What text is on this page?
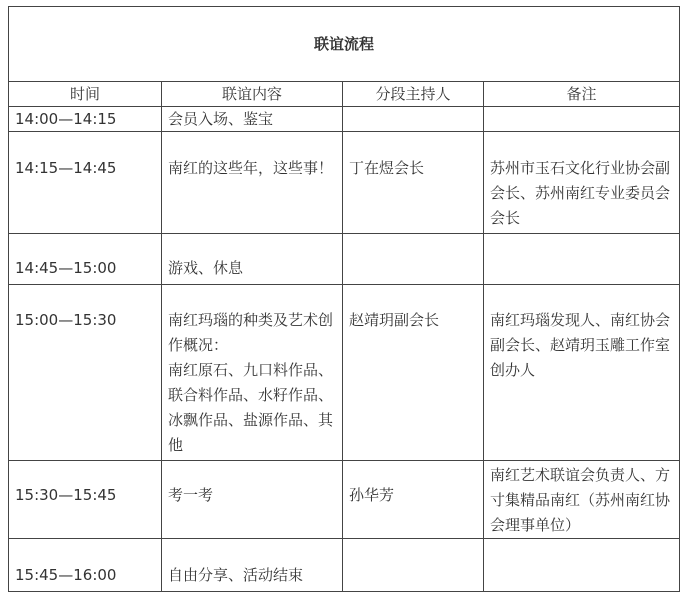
联谊流程			
时间	联谊内容	分段主持人	备注
14:00—14:15	会员入场、鉴宝		
14:15—14:45	南红的这些年，这些事！	丁在煜会长	苏州市玉石文化行业协会副会长、苏州南红专业委员会会长
14:45—15:00	游戏、休息		
15:00—15:30	南红玛瑙的种类及艺术创作概况：
南红原石、九口料作品、联合料作品、水籽作品、冰飘作品、盐源作品、其他	赵靖玥副会长	南红玛瑙发现人、南红协会副会长、赵靖玥玉雕工作室创办人
15:30—15:45	考一考	孙华芳	南红艺术联谊会负责人、方寸集精品南红（苏州南红协会理事单位）
15:45—16:00	自由分享、活动结束		
